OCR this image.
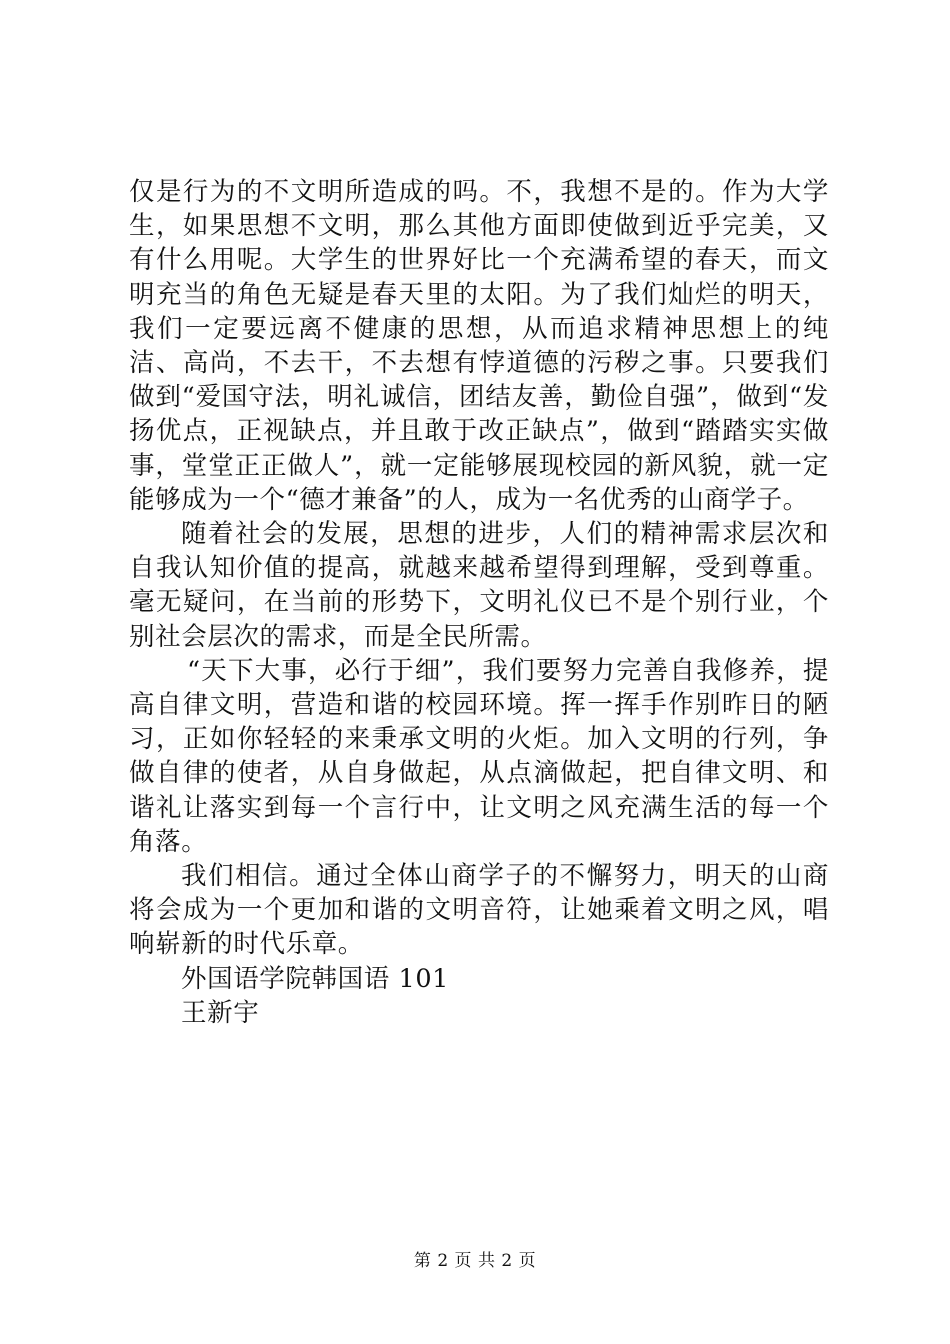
仅是行为的不文明所造成的吗。不，我想不是的。作为大学生，如果思想不文明，那么其他方面即使做到近乎完美，又有什么用呢。大学生的世界好比一个充满希望的春天，而文明充当的角色无疑是春天里的太阳。为了我们灿烂的明天，我们一定要远离不健康的思想，从而追求精神思想上的纯洁、高尚，不去干，不去想有悖道德的污秽之事。只要我们做到“爱国守法，明礼诚信，团结友善，勤俭自强”，做到“发扬优点，正视缺点，并且敢于改正缺点”，做到“踏踏实实做事，堂堂正正做人”，就一定能够展现校园的新风貌，就一定能够成为一个“德才兼备”的人，成为一名优秀的山商学子。

随着社会的发展，思想的进步，人们的精神需求层次和自我认知价值的提高，就越来越希望得到理解，受到尊重。毫无疑问，在当前的形势下，文明礼仪已不是个别行业，个别社会层次的需求，而是全民所需。

“天下大事，必行于细”，我们要努力完善自我修养，提高自律文明，营造和谐的校园环境。挥一挥手作别昨日的陋习，正如你轻轻的来秉承文明的火炬。加入文明的行列，争做自律的使者，从自身做起，从点滴做起，把自律文明、和谐礼让落实到每一个言行中，让文明之风充满生活的每一个角落。

我们相信。通过全体山商学子的不懈努力，明天的山商将会成为一个更加和谐的文明音符，让她乘着文明之风，唱响崭新的时代乐章。

外国语学院韩国语 101

王新宇

第 2 页 共 2 页
